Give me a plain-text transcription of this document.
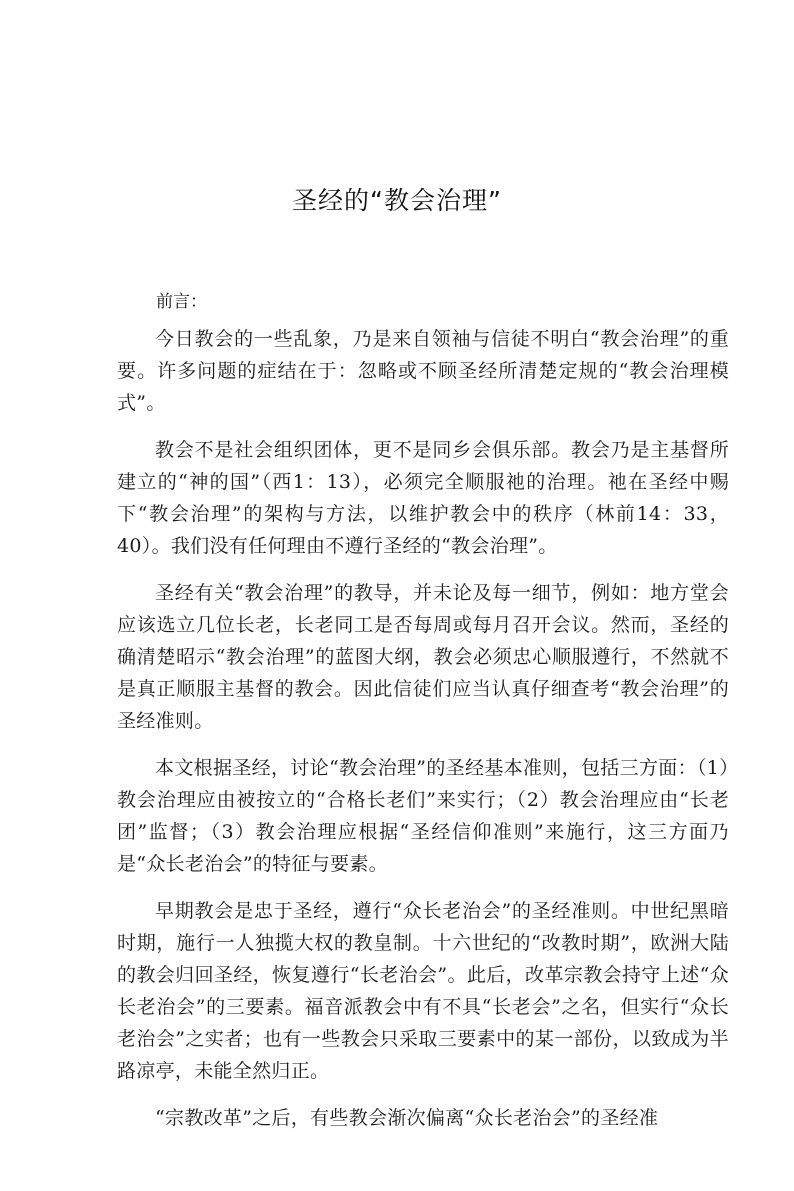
圣经的“教会治理”
前言：

今日教会的一些乱象，乃是来自领袖与信徒不明白“教会治理”的重要。许多问题的症结在于：忽略或不顾圣经所清楚定规的“教会治理模式”。

教会不是社会组织团体，更不是同乡会俱乐部。教会乃是主基督所建立的“神的国”（西1：13），必须完全顺服祂的治理。祂在圣经中赐下“教会治理”的架构与方法，以维护教会中的秩序（林前14：33，40）。我们没有任何理由不遵行圣经的“教会治理”。

圣经有关“教会治理”的教导，并未论及每一细节，例如：地方堂会应该选立几位长老，长老同工是否每周或每月召开会议。然而，圣经的确清楚昭示“教会治理”的蓝图大纲，教会必须忠心顺服遵行，不然就不是真正顺服主基督的教会。因此信徒们应当认真仔细查考“教会治理”的圣经准则。

本文根据圣经，讨论“教会治理”的圣经基本准则，包括三方面：（1）教会治理应由被按立的“合格长老们”来实行；（2）教会治理应由“长老团”监督；（3）教会治理应根据“圣经信仰准则”来施行，这三方面乃是“众长老治会”的特征与要素。

早期教会是忠于圣经，遵行“众长老治会”的圣经准则。中世纪黑暗时期，施行一人独揽大权的教皇制。十六世纪的“改教时期”，欧洲大陆的教会归回圣经，恢复遵行“长老治会”。此后，改革宗教会持守上述“众长老治会”的三要素。福音派教会中有不具“长老会”之名，但实行“众长老治会”之实者；也有一些教会只采取三要素中的某一部份，以致成为半路凉亭，未能全然归正。

“宗教改革”之后，有些教会渐次偏离“众长老治会”的圣经准
